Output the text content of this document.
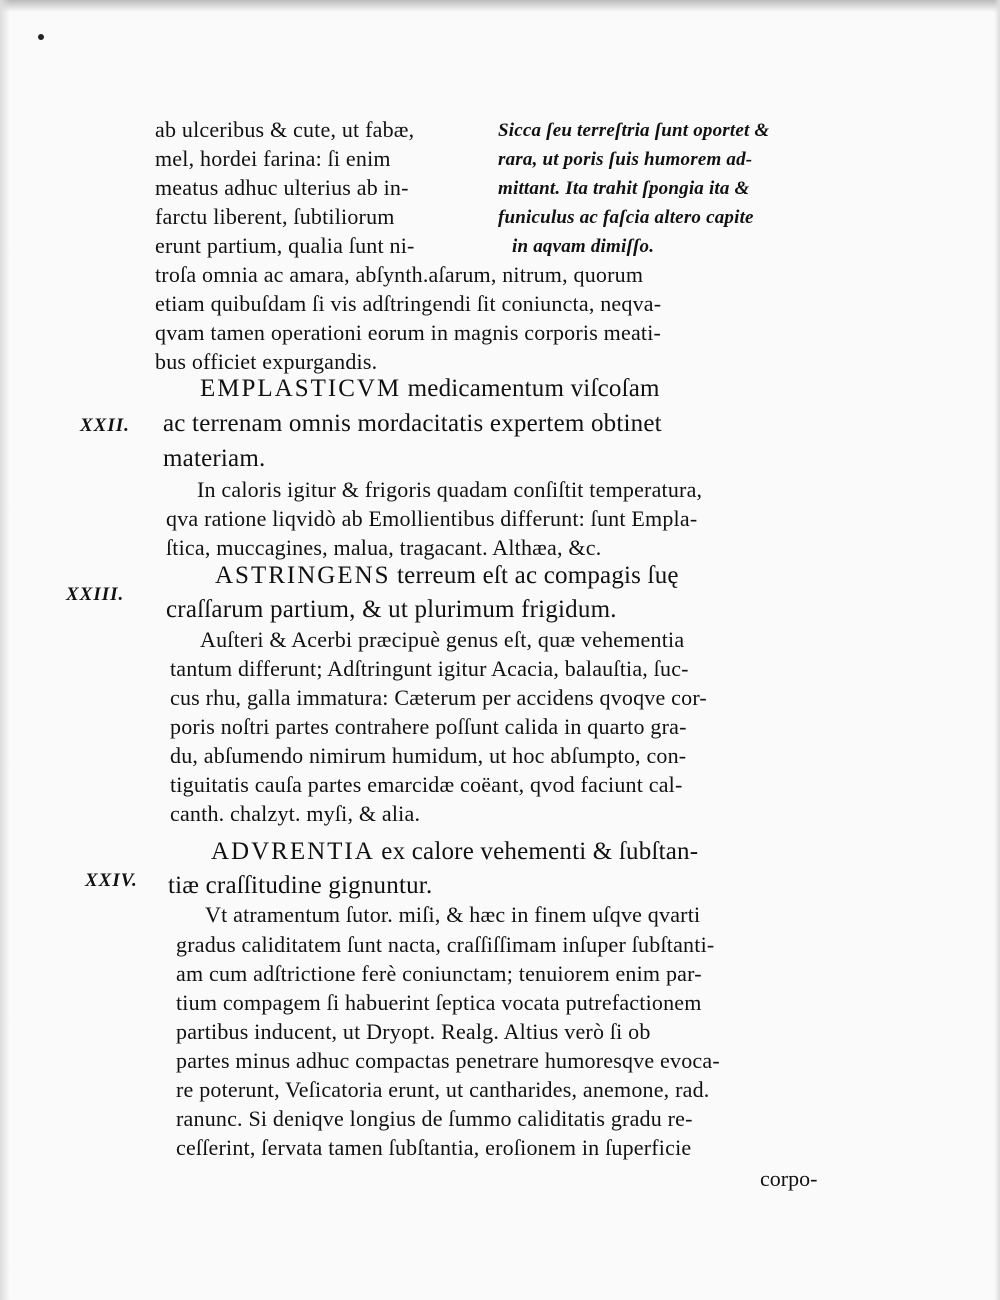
ab ulceribus & cute, ut fabæ,
mel, hordei farina: ſi enim
meatus adhuc ulterius ab in-
farctu liberent, ſubtiliorum
erunt partium, qualia ſunt ni-
Sicca ſeu terreſtria ſunt oportet &
rara, ut poris ſuis humorem ad-
mittant. Ita trahit ſpongia ita &
funiculus ac faſcia altero capite
in aqvam dimiſſo.
troſa omnia ac amara, abſynth.aſarum, nitrum, quorum
etiam quibuſdam ſi vis adſtringendi ſit coniuncta, neqva-
qvam tamen operationi eorum in magnis corporis meati-
bus officiet expurgandis.
XXII.
EMPLASTICVM medicamentum viſcoſam
ac terrenam omnis mordacitatis expertem obtinet
materiam.
In caloris igitur & frigoris quadam conſiſtit temperatura,
qva ratione liqvidò ab Emollientibus differunt: ſunt Empla-
ſtica, muccagines, malua, tragacant. Althæa, &c.
XXIII.
ASTRINGENS terreum eſt ac compagis ſuę
craſſarum partium, & ut plurimum frigidum.
Auſteri & Acerbi præcipuè genus eſt, quæ vehementia
tantum differunt; Adſtringunt igitur Acacia, balauſtia, ſuc-
cus rhu, galla immatura: Cæterum per accidens qvoqve cor-
poris noſtri partes contrahere poſſunt calida in quarto gra-
du, abſumendo nimirum humidum, ut hoc abſumpto, con-
tiguitatis cauſa partes emarcidæ coëant, qvod faciunt cal-
canth. chalzyt. myſi, & alia.
XXIV.
ADVRENTIA ex calore vehementi & ſubſtan-
tiæ craſſitudine gignuntur.
Vt atramentum ſutor. miſi, & hæc in finem uſqve qvarti
gradus caliditatem ſunt nacta, craſſiſſimam inſuper ſubſtanti-
am cum adſtrictione ferè coniunctam; tenuiorem enim par-
tium compagem ſi habuerint ſeptica vocata putrefactionem
partibus inducent, ut Dryopt. Realg. Altius verò ſi ob
partes minus adhuc compactas penetrare humoresqve evoca-
re poterunt, Veſicatoria erunt, ut cantharides, anemone, rad.
ranunc. Si deniqve longius de ſummo caliditatis gradu re-
ceſſerint, ſervata tamen ſubſtantia, eroſionem in ſuperficie
corpo-
